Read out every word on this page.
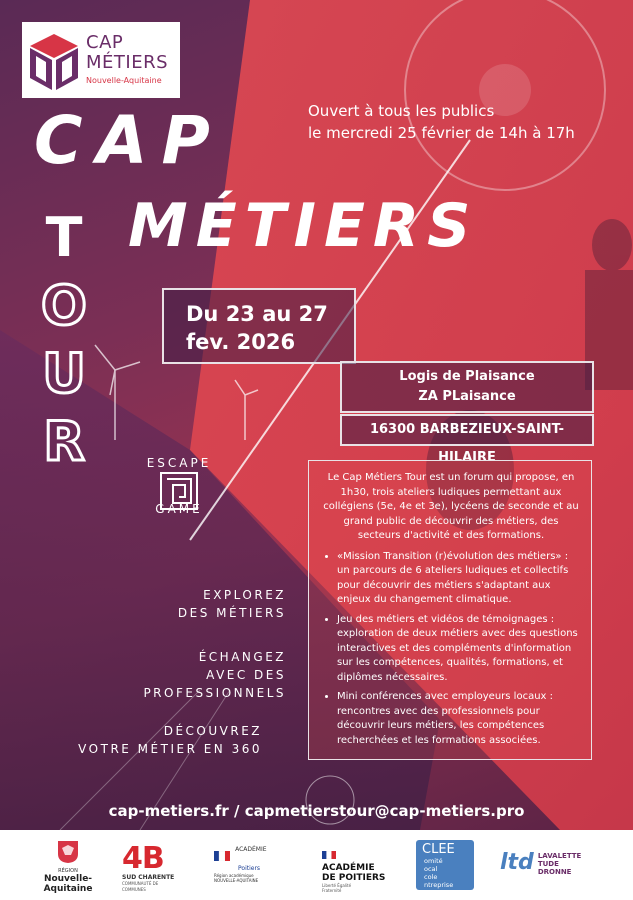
CAP
MÉTIERS
Nouvelle-Aquitaine
Ouvert à tous les publics
le mercredi 25 février de 14h à 17h
CAP
MÉTIERS
T
O
U
R
Du 23 au 27
fev. 2026
Logis de Plaisance
ZA PLaisance
16300 BARBEZIEUX-SAINT-HILAIRE
ESCAPE
GAME
EXPLOREZ
DES MÉTIERS
ÉCHANGEZ
AVEC DES
PROFESSIONNELS
DÉCOUVREZ
VOTRE MÉTIER EN 360

Le Cap Métiers Tour est un forum qui propose, en 1h30, trois ateliers ludiques permettant aux collégiens (5e, 4e et 3e), lycéens de seconde et au grand public de découvrir des métiers, des secteurs d'activité et des formations.

• «Mission Transition (r)évolution des métiers» : un parcours de 6 ateliers ludiques et collectifs pour découvrir des métiers s'adaptant aux enjeux du changement climatique.
• Jeu des métiers et vidéos de témoignages : exploration de deux métiers avec des questions interactives et des compléments d'information sur les compétences, qualités, formations, et diplômes nécessaires.
• Mini conférences avec employeurs locaux : rencontres avec des professionnels pour découvrir leurs métiers, les compétences recherchées et les formations associées.
cap-metiers.fr / capmetierstour@cap-metiers.pro
RÉGION
Nouvelle-
Aquitaine
4B
SUD CHARENTE
COMMUNAUTÉ DE COMMUNES
$^{ACADÉMIE}$
Poitiers
Région académique NOUVELLE-AQUITAINE
ACADÉMIE
DE POITIERS
Liberté Égalité Fraternité
CLEE
omité
ocal
cole
ntreprise
ltd LAVALETTE
TUDE
DRONNE
